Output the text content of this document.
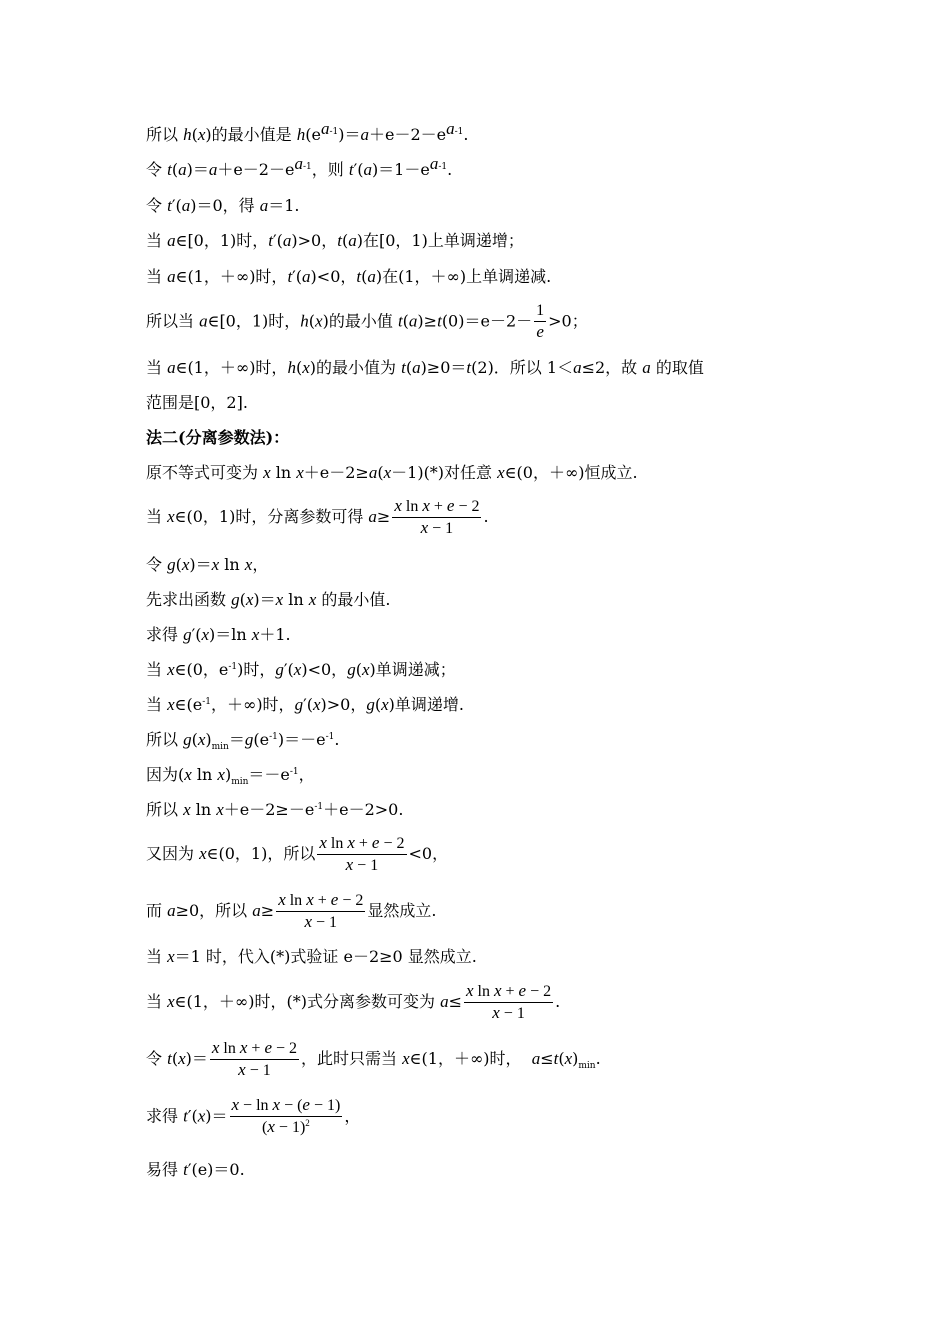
所以 h(x)的最小值是 $h(e^{a-1})=a+e-2-e^{a-1}$.
令 $t(a)=a+e-2-e^{a-1}$，则 $t'(a)=1-e^{a-1}$.
令 t′(a)＝0，得 a＝1.
当 a∈[0，1)时，t′(a)>0，t(a)在[0，1)上单调递增；
当 a∈(1，＋∞)时，t′(a)<0，t(a)在(1，＋∞)上单调递减.
所以当 a∈[0，1)时，h(x)的最小值 $t(a)\ge t(0)=e-2- \frac{1}{e} >0$；
当 a∈(1，＋∞)时，h(x)的最小值为 t(a)≥0＝t(2)．所以 1＜a≤2，故 a 的取值
范围是[0，2].
法二(分离参数法)：
原不等式可变为 x ln x＋e－2≥a(x－1)(*)对任意 x∈(0，＋∞)恒成立.
当 x∈(0，1)时，分离参数可得 $a\ge \frac{\text{x ln x + e − 2}}{x - 1}$ .
令 g(x)＝x ln x，
先求出函数 g(x)＝x ln x 的最小值.
求得 g′(x)＝ln x＋1.
当 x∈(0，$e^{-1}$)时，g′(x)<0，g(x)单调递减；
当 $x\in(e^{-1}$，＋∞)时，g′(x)>0，g(x)单调递增.
所以 $g(x)_{min}=g(e^{-1})=-e^{-1}$.
因为(x $\ln x)_{min}=-e^{-1}$，
所以 x $\ln x+e-2\ge-e^{-1}+e-2>0$.
又因为 x∈(0，1)，所以 $\frac{\text{x ln x + e − 2}}{x - 1} <0$，
而 a≥0，所以 $a\ge \frac{\text{x ln x + e − 2}}{x - 1}$ 显然成立.
当 x＝1 时，代入(*)式验证 e－2≥0 显然成立.
当 x∈(1，＋∞)时，(*)式分离参数可变为 $a\le \frac{\text{x ln x + e − 2}}{x - 1}$ .
令 $t(x)= \frac{\text{x ln x + e − 2}}{x - 1}$ ，此时只需当 x∈(1，＋∞)时，  $a\le t(x)_{min}$.
求得 $t'(x)= \frac{\text{x − ln x − (e − 1)}}{(x - 1)^2}$ ，
易得 t′(e)＝0.
